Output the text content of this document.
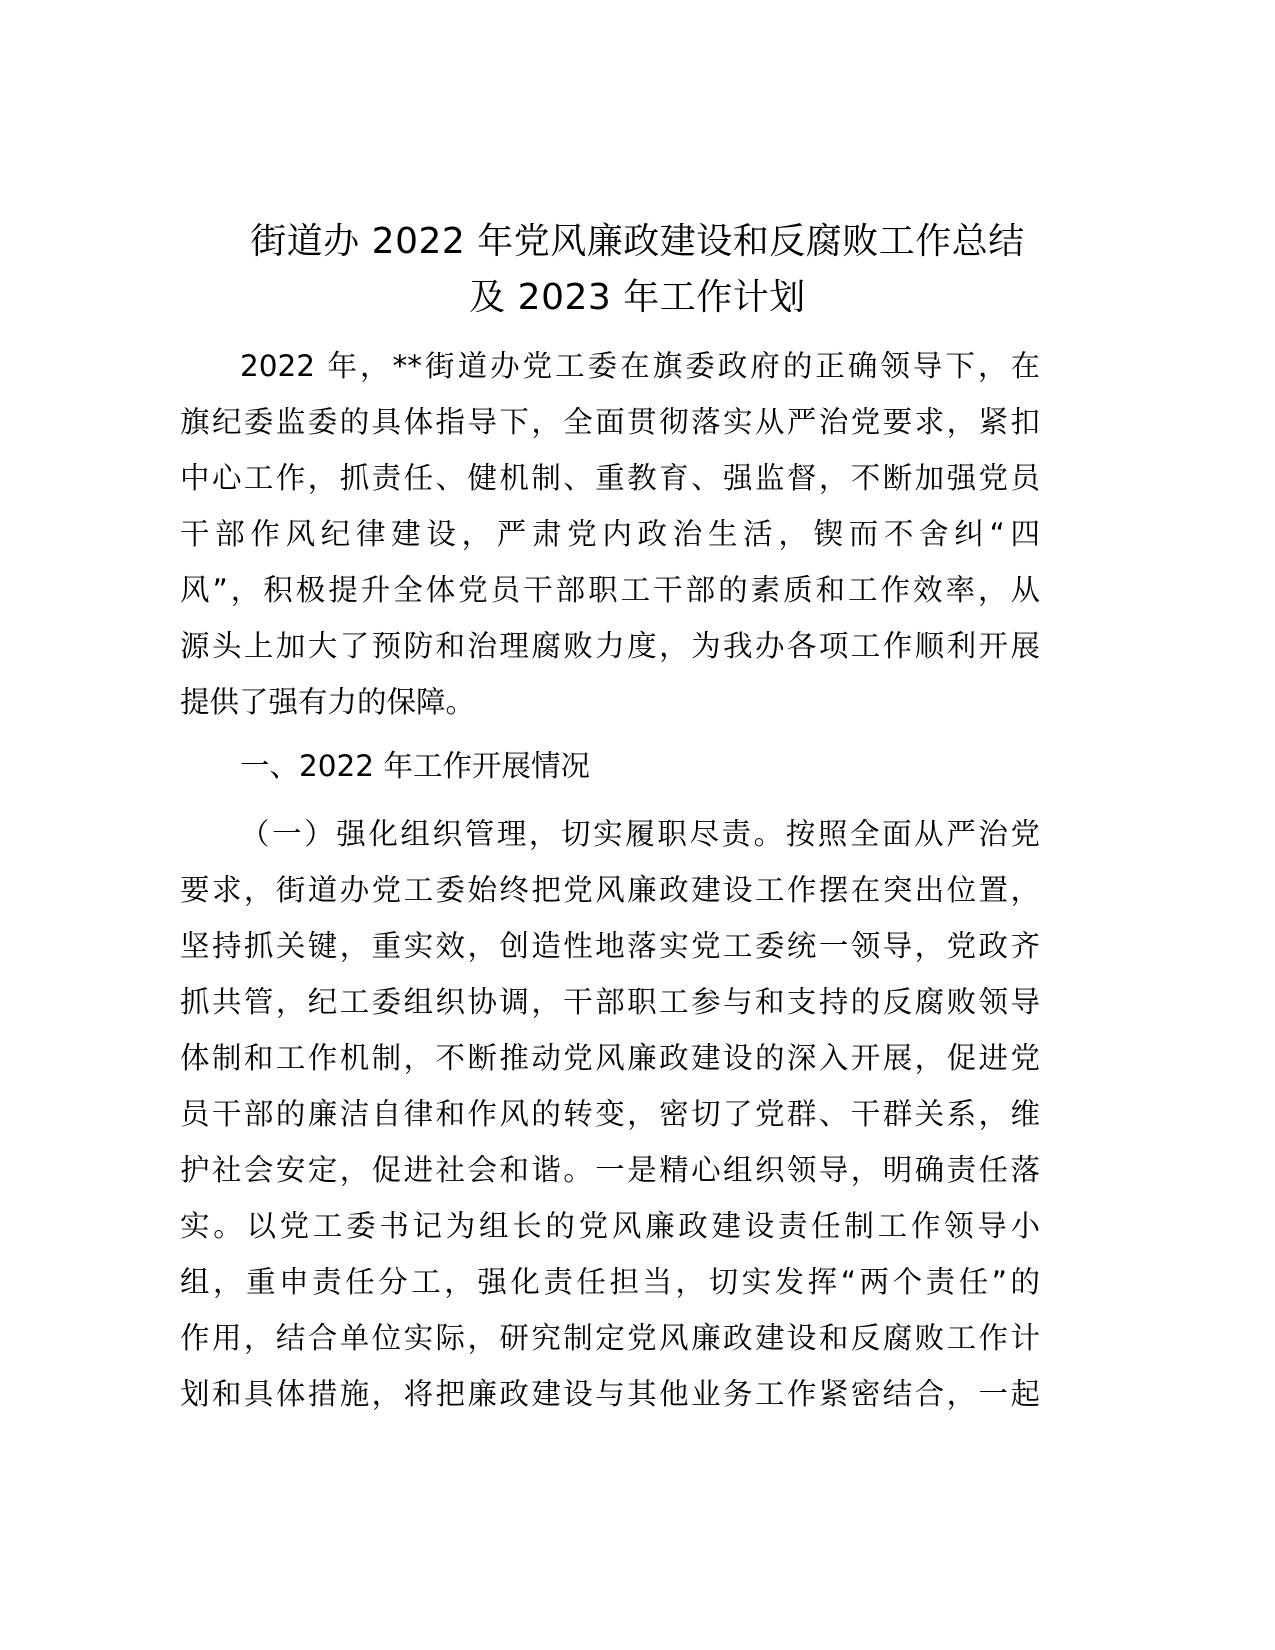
街道办 2022 年党风廉政建设和反腐败工作总结
及 2023 年工作计划

2022 年，**街道办党工委在旗委政府的正确领导下，在

旗纪委监委的具体指导下，全面贯彻落实从严治党要求，紧扣

中心工作，抓责任、健机制、重教育、强监督，不断加强党员

干部作风纪律建设，严肃党内政治生活，锲而不舍纠“四

风”，积极提升全体党员干部职工干部的素质和工作效率，从

源头上加大了预防和治理腐败力度，为我办各项工作顺利开展

提供了强有力的保障。

一、2022 年工作开展情况

（一）强化组织管理，切实履职尽责。按照全面从严治党

要求，街道办党工委始终把党风廉政建设工作摆在突出位置，

坚持抓关键，重实效，创造性地落实党工委统一领导，党政齐

抓共管，纪工委组织协调，干部职工参与和支持的反腐败领导

体制和工作机制，不断推动党风廉政建设的深入开展，促进党

员干部的廉洁自律和作风的转变，密切了党群、干群关系，维

护社会安定，促进社会和谐。一是精心组织领导，明确责任落

实。以党工委书记为组长的党风廉政建设责任制工作领导小

组，重申责任分工，强化责任担当，切实发挥“两个责任”的

作用，结合单位实际，研究制定党风廉政建设和反腐败工作计

划和具体措施，将把廉政建设与其他业务工作紧密结合，一起
